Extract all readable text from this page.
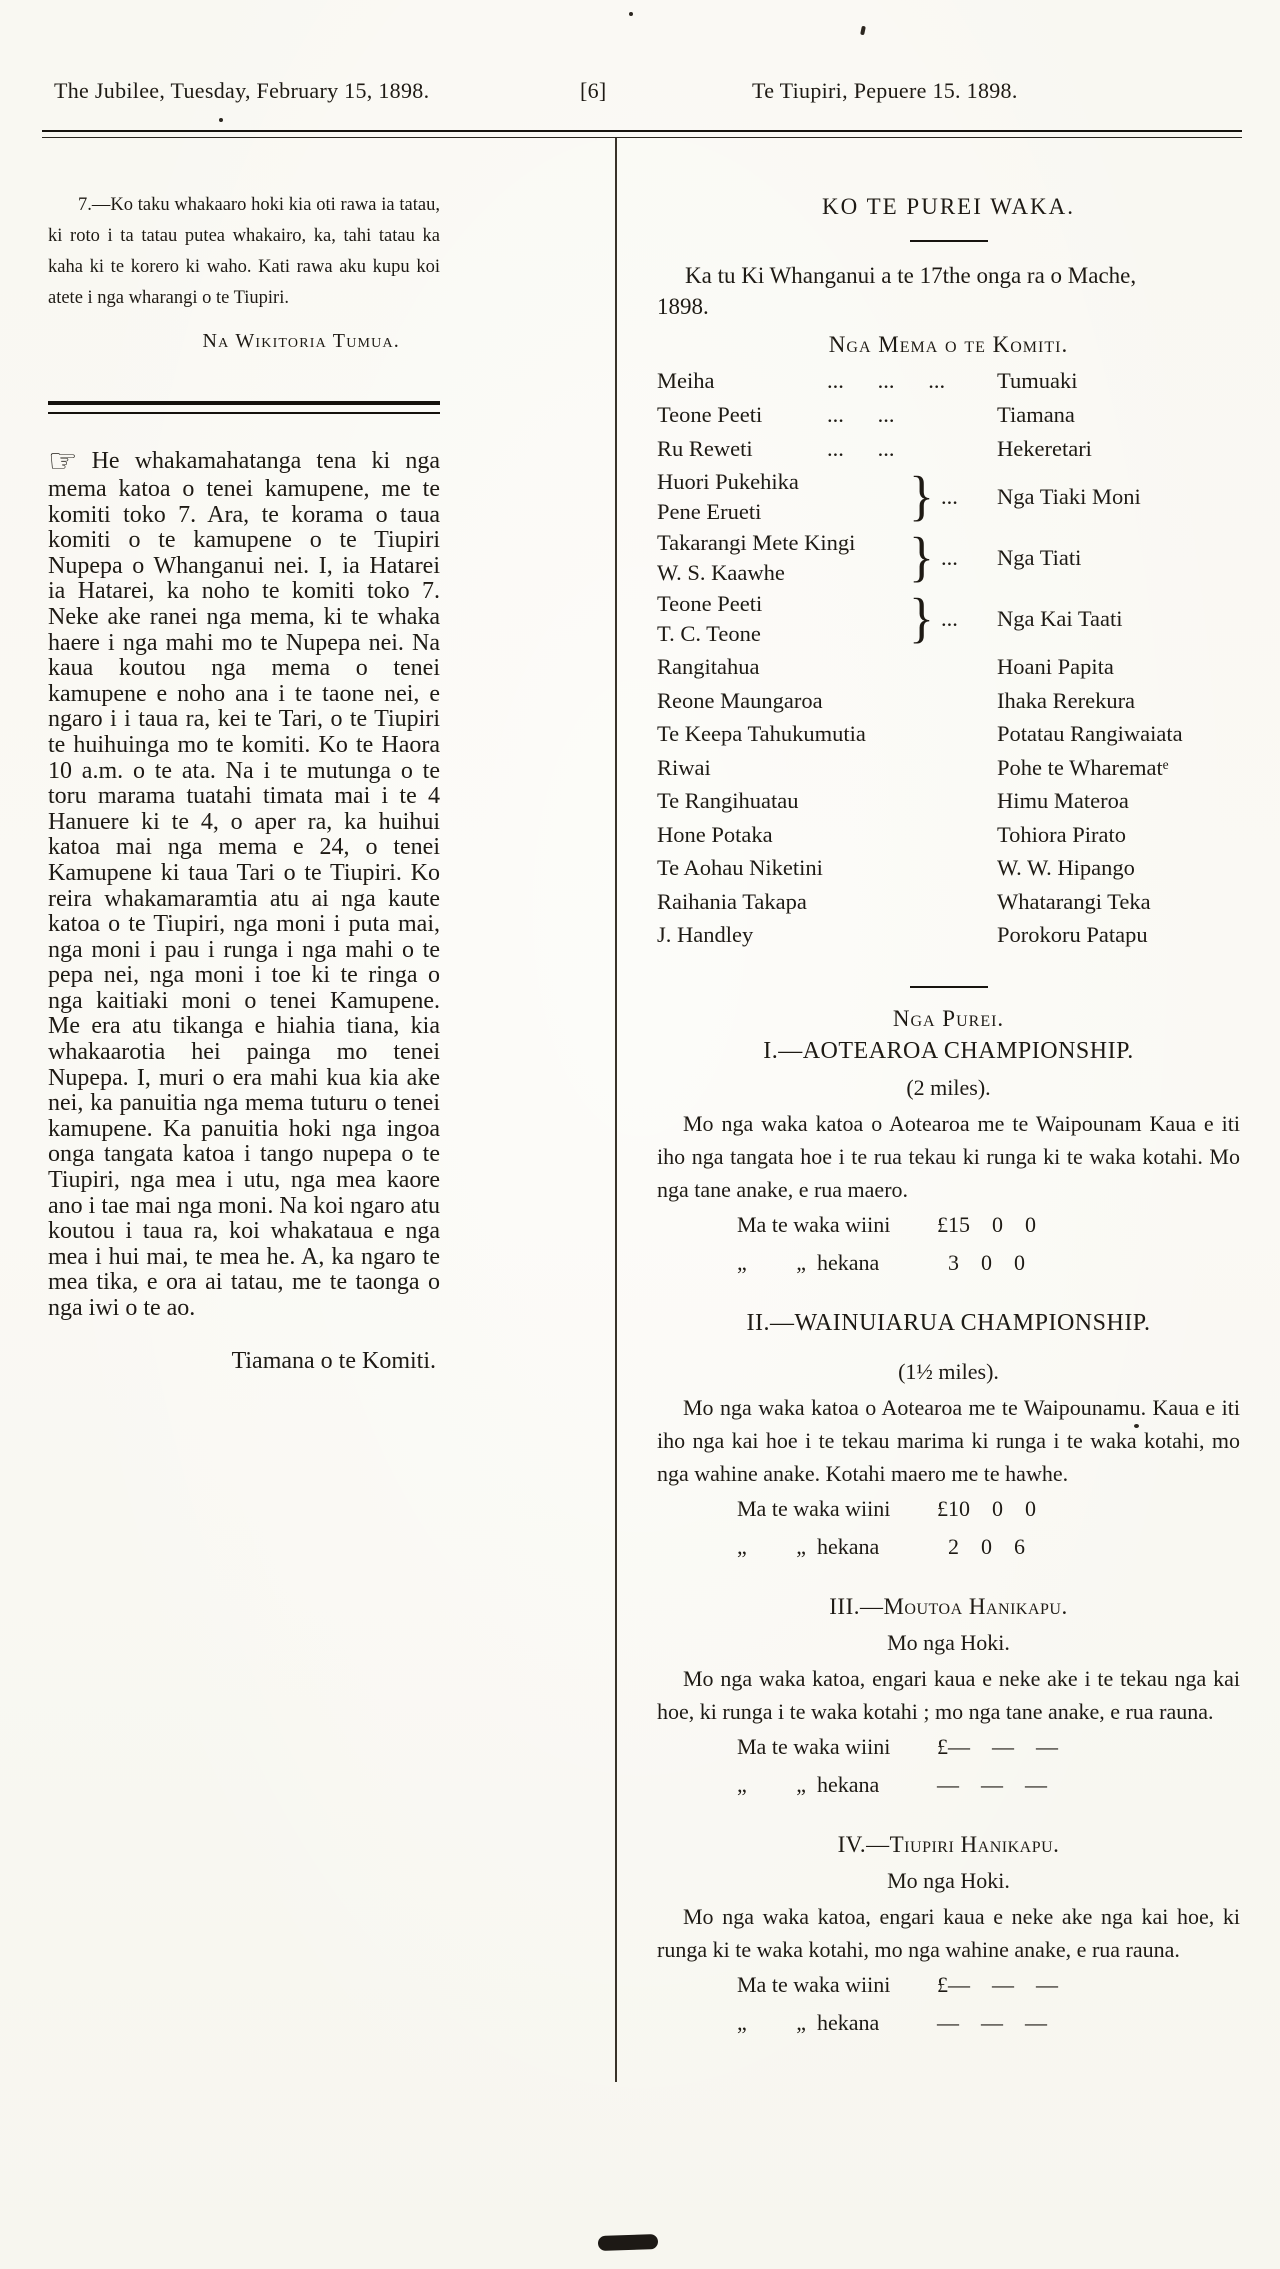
The Jubilee, Tuesday, February 15, 1898.	[6]	Te Tiupiri, Pepuere 15. 1898.

7.—Ko taku whakaaro hoki kia oti rawa ia tatau, ki roto i ta tatau putea whakairo, ka, tahi tatau ka kaha ki te korero ki waho. Kati rawa aku kupu koi atete i nga wharangi o te Tiupiri.

Na Wikitoria Tumua.

☞ He whakamahatanga tena ki nga mema katoa o tenei kamupene, me te komiti toko 7. Ara, te korama o taua komiti o te kamupene o te Tiupiri Nupepa o Whanganui nei. I, ia Hatarei ia Hatarei, ka noho te komiti toko 7. Neke ake ranei nga mema, ki te whaka haere i nga mahi mo te Nupepa nei. Na kaua koutou nga mema o tenei kamupene e noho ana i te taone nei, e ngaro i i taua ra, kei te Tari, o te Tiupiri te huihuinga mo te komiti. Ko te Haora 10 a.m. o te ata. Na i te mutunga o te toru marama tuatahi timata mai i te 4 Hanuere ki te 4, o aper ra, ka huihui katoa mai nga mema e 24, o tenei Kamupene ki taua Tari o te Tiupiri. Ko reira whakamaramtia atu ai nga kaute katoa o te Tiupiri, nga moni i puta mai, nga moni i pau i runga i nga mahi o te pepa nei, nga moni i toe ki te ringa o nga kaitiaki moni o tenei Kamupene. Me era atu tikanga e hiahia tiana, kia whakaarotia hei painga mo tenei Nupepa. I, muri o era mahi kua kia ake nei, ka panuitia nga mema tuturu o tenei kamupene. Ka panuitia hoki nga ingoa onga tangata katoa i tango nupepa o te Tiupiri, nga mea i utu, nga mea kaore ano i tae mai nga moni. Na koi ngaro atu koutou i taua ra, koi whakataua e nga mea i hui mai, te mea he. A, ka ngaro te mea tika, e ora ai tatau, me te taonga o nga iwi o te ao.

Tiamana o te Komiti.
KO TE PUREI WAKA.

Ka tu Ki Whanganui a te 17the onga ra o Mache,
1898.

Nga Mema o te Komiti.
Meiha	...      ...      ...	Tumuaki
Teone Peeti	...      ...	Tiamana
Ru Reweti	...      ...	Hekeretari
Huori Pukehika
Pene Erueti	} ...	Nga Tiaki Moni
Takarangi Mete Kingi
W. S. Kaawhe	} ...	Nga Tiati
Teone Peeti
T. C. Teone	} ...	Nga Kai Taati
Rangitahua	Hoani Papita
Reone Maungaroa	Ihaka Rerekura
Te Keepa Tahukumutia	Potatau Rangiwaiata
Riwai	Pohe te Wharematᵉ
Te Rangihuatau	Himu Materoa
Hone Potaka	Tohiora Pirato
Te Aohau Niketini	W. W. Hipango
Raihania Takapa	Whatarangi Teka
J. Handley	Porokoru Patapu
Nga Purei.
I.—AOTEAROA CHAMPIONSHIP.
(2 miles).

Mo nga waka katoa o Aotearoa me te Waipounam Kaua e iti iho nga tangata hoe i te rua tekau ki runga ki te waka kotahi. Mo nga tane anake, e rua maero.

Ma te waka wiini	£15    0    0
„         „  hekana	3    0    0
II.—WAINUIARUA CHAMPIONSHIP.
(1½ miles).

Mo nga waka katoa o Aotearoa me te Waipounamu. Kaua e iti iho nga kai hoe i te tekau marima ki runga i te waka kotahi, mo nga wahine anake. Kotahi maero me te hawhe.

Ma te waka wiini	£10    0    0
„         „  hekana	2    0    6
III.—Moutoa Hanikapu.
Mo nga Hoki.

Mo nga waka katoa, engari kaua e neke ake i te tekau nga kai hoe, ki runga i te waka kotahi ; mo nga tane anake, e rua rauna.

Ma te waka wiini	£—    —    —
„         „  hekana	—    —    —
IV.—Tiupiri Hanikapu.
Mo nga Hoki.

Mo nga waka katoa, engari kaua e neke ake nga kai hoe, ki runga ki te waka kotahi, mo nga wahine anake, e rua rauna.

Ma te waka wiini	£—    —    —
„         „  hekana	—    —    —
